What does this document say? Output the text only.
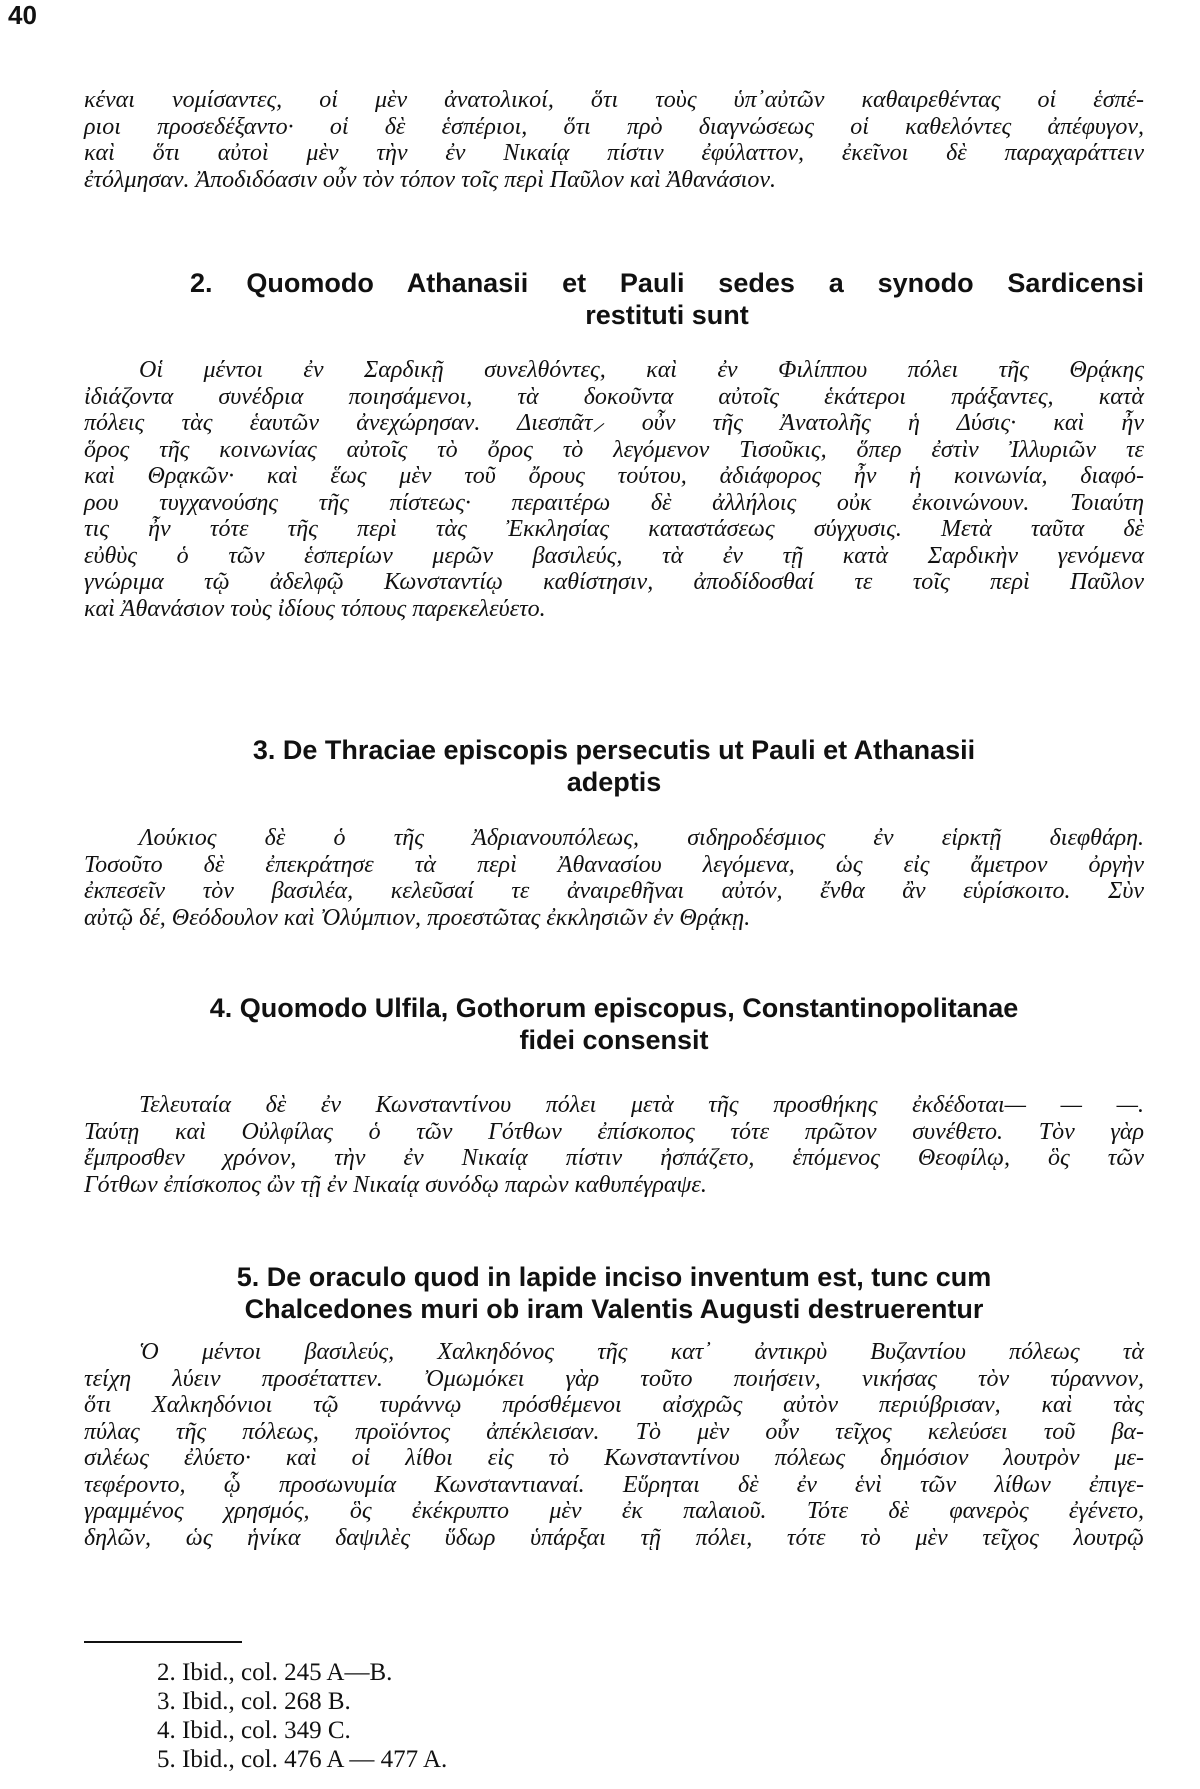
40
κέναι νομίσαντες, οἱ μὲν ἀνατολικοί, ὅτι τοὺς ὑπ᾿αὐτῶν καθαιρεθέντας οἱ ἑσπέ-
ριοι προσεδέξαντο· οἱ δὲ ἑσπέριοι, ὅτι πρὸ διαγνώσεως οἱ καθελόντες ἀπέφυγον,
καὶ ὅτι αὐτοὶ μὲν τὴν ἐν Νικαίᾳ πίστιν ἐφύλαττον, ἐκεῖνοι δὲ παραχαράττειν
ἐτόλμησαν. Ἀποδιδόασιν οὖν τὸν τόπον τοῖς περὶ Παῦλον καὶ Ἀθανάσιον.
2. Quomodo Athanasii et Pauli sedes a synodo Sardicensi
restituti sunt
Οἱ μέντοι ἐν Σαρδικῇ συνελθόντες, καὶ ἐν Φιλίππου πόλει τῆς Θρᾴκης
ἰδιάζοντα συνέδρια ποιησάμενοι, τὰ δοκοῦντα αὐτοῖς ἑκάτεροι πράξαντες, κατὰ
πόλεις τὰς ἑαυτῶν ἀνεχώρησαν. Διεσπᾶτ⸝ οὖν τῆς Ἀνατολῆς ἡ Δύσις· καὶ ἦν
ὅρος τῆς κοινωνίας αὐτοῖς τὸ ὄρος τὸ λεγόμενον Τισοῦκις, ὅπερ ἐστὶν Ἰλλυριῶν τε
καὶ Θρᾳκῶν· καὶ ἕως μὲν τοῦ ὄρους τούτου, ἀδιάφορος ἦν ἡ κοινωνία, διαφό-
ρου τυγχανούσης τῆς πίστεως· περαιτέρω δὲ ἀλλήλοις οὐκ ἐκοινώνουν. Τοιαύτη
τις ἦν τότε τῆς περὶ τὰς Ἐκκλησίας καταστάσεως σύγχυσις. Μετὰ ταῦτα δὲ
εὐθὺς ὁ τῶν ἑσπερίων μερῶν βασιλεύς, τὰ ἐν τῇ κατὰ Σαρδικὴν γενόμενα
γνώριμα τῷ ἀδελφῷ Κωνσταντίῳ καθίστησιν, ἀποδίδοσθαί τε τοῖς περὶ Παῦλον
καὶ Ἀθανάσιον τοὺς ἰδίους τόπους παρεκελεύετο.
3. De Thraciae episcopis persecutis ut Pauli et Athanasii
adeptis
Λούκιος δὲ ὁ τῆς Ἀδριανουπόλεως, σιδηροδέσμιος ἐν εἱρκτῇ διεφθάρη.
Τοσοῦτο δὲ ἐπεκράτησε τὰ περὶ Ἀθανασίου λεγόμενα, ὡς εἰς ἄμετρον ὀργὴν
ἐκπεσεῖν τὸν βασιλέα, κελεῦσαί τε ἀναιρεθῆναι αὐτόν, ἔνθα ἂν εὑρίσκοιτο. Σὺν
αὐτῷ δέ, Θεόδουλον καὶ Ὀλύμπιον, προεστῶτας ἐκκλησιῶν ἐν Θρᾴκῃ.
4. Quomodo Ulfila, Gothorum episcopus, Constantinopolitanae
fidei consensit
Τελευταία δὲ ἐν Κωνσταντίνου πόλει μετὰ τῆς προσθήκης ἐκδέδοται— — —.
Ταύτῃ καὶ Οὐλφίλας ὁ τῶν Γότθων ἐπίσκοπος τότε πρῶτον συνέθετο. Τὸν γὰρ
ἔμπροσθεν χρόνον, τὴν ἐν Νικαίᾳ πίστιν ἠσπάζετο, ἑπόμενος Θεοφίλῳ, ὃς τῶν
Γότθων ἐπίσκοπος ὢν τῇ ἐν Νικαίᾳ συνόδῳ παρὼν καθυπέγραψε.
5. De oraculo quod in lapide inciso inventum est, tunc cum
Chalcedones muri ob iram Valentis Augusti destruerentur
Ὁ μέντοι βασιλεύς, Χαλκηδόνος τῆς κατ᾿ ἀντικρὺ Βυζαντίου πόλεως τὰ
τείχη λύειν προσέταττεν. Ὀμωμόκει γὰρ τοῦτο ποιήσειν, νικήσας τὸν τύραννον,
ὅτι Χαλκηδόνιοι τῷ τυράννῳ πρόσθέμενοι αἰσχρῶς αὐτὸν περιύβρισαν, καὶ τὰς
πύλας τῆς πόλεως, προϊόντος ἀπέκλεισαν. Τὸ μὲν οὖν τεῖχος κελεύσει τοῦ βα-
σιλέως ἐλύετο· καὶ οἱ λίθοι εἰς τὸ Κωνσταντίνου πόλεως δημόσιον λουτρὸν με-
τεφέροντο, ᾧ προσωνυμία Κωνσταντιαναί. Εὕρηται δὲ ἐν ἑνὶ τῶν λίθων ἐπιγε-
γραμμένος χρησμός, ὃς ἐκέκρυπτο μὲν ἐκ παλαιοῦ. Τότε δὲ φανερὸς ἐγένετο,
δηλῶν, ὡς ἡνίκα δαψιλὲς ὕδωρ ὑπάρξαι τῇ πόλει, τότε τὸ μὲν τεῖχος λουτρῷ
2. Ibid., col. 245 A—B.
3. Ibid., col. 268 B.
4. Ibid., col. 349 C.
5. Ibid., col. 476 A — 477 A.
